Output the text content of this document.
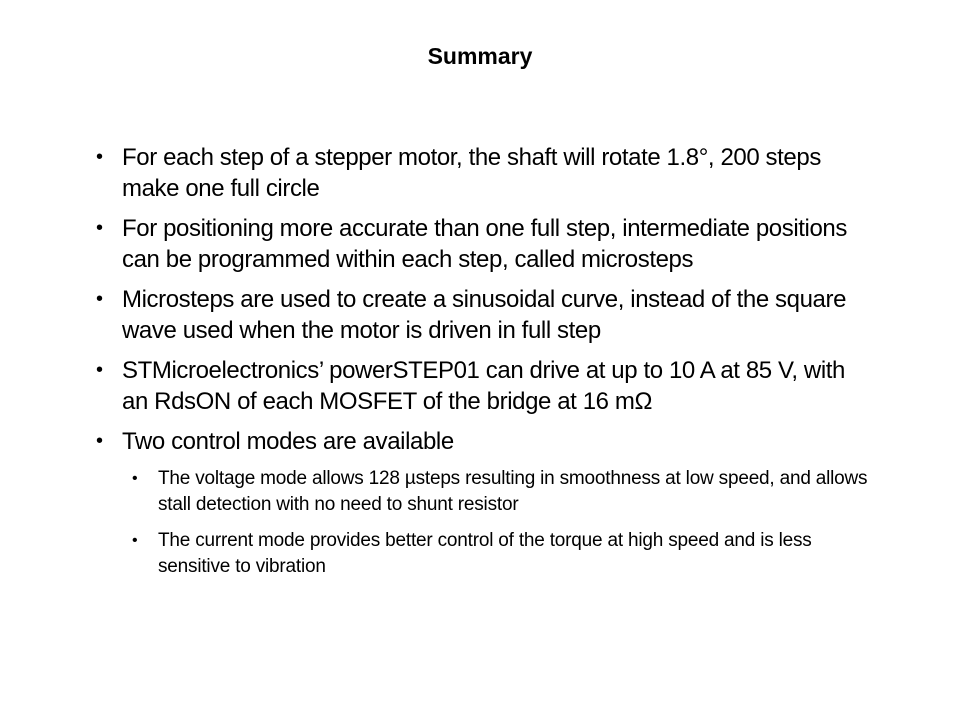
Summary
• For each step of a stepper motor, the shaft will rotate 1.8°, 200 steps make one full circle
• For positioning more accurate than one full step, intermediate positions can be programmed within each step, called microsteps
• Microsteps are used to create a sinusoidal curve, instead of the square wave used when the motor is driven in full step
• STMicroelectronics’ powerSTEP01 can drive at up to 10 A at 85 V, with an RdsON of each MOSFET of the bridge at 16 mΩ
• Two control modes are available
• The voltage mode allows 128 µsteps resulting in smoothness at low speed, and allows stall detection with no need to shunt resistor
• The current mode provides better control of the torque at high speed and is less sensitive to vibration
